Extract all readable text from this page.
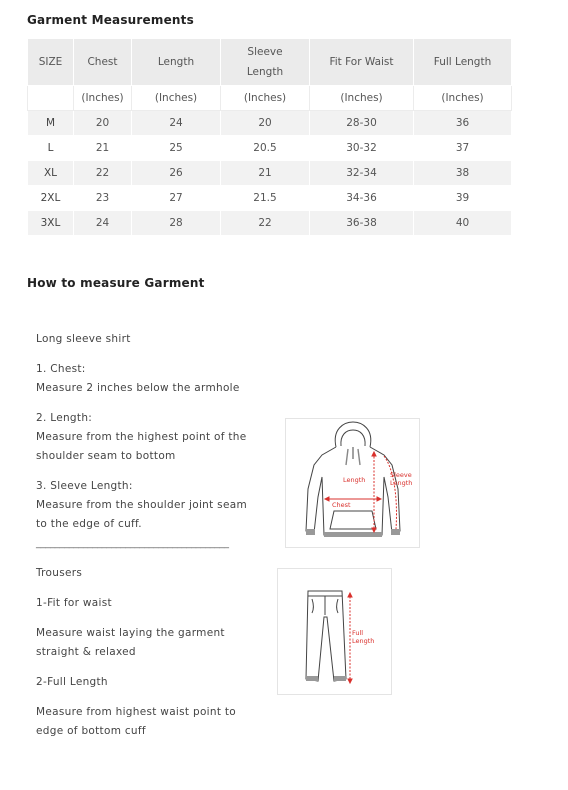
Garment Measurements
SIZE	Chest	Length	Sleeve Length	Fit For Waist	Full Length
	(Inches)	(Inches)	(Inches)	(Inches)	(Inches)
M	20	24	20	28-30	36
L	21	25	20.5	30-32	37
XL	22	26	21	32-34	38
2XL	23	27	21.5	34-36	39
3XL	24	28	22	36-38	40
How to measure Garment

Long sleeve shirt

1. Chest:

Measure 2 inches below the armhole

2. Length:

Measure from the highest point of the shoulder seam to bottom

3. Sleeve Length:

Measure from the shoulder joint seam to the edge of cuff.

_________________________________________

Trousers

1-Fit for waist

Measure waist laying the garment straight & relaxed

2-Full Length

Measure from highest waist point to edge of bottom cuff

Length
Sleeve
Length
Chest
Full
Length
